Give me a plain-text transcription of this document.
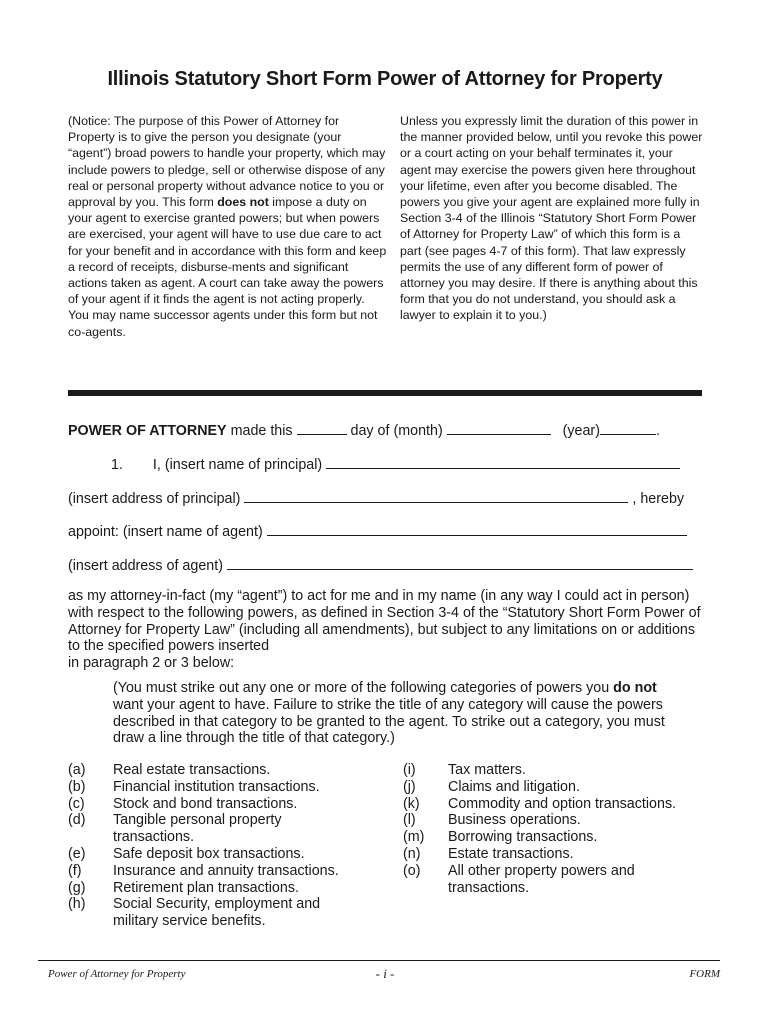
Illinois Statutory Short Form Power of Attorney for Property
(Notice: The purpose of this Power of Attorney for Property is to give the person you designate (your “agent”) broad powers to handle your property, which may include powers to pledge, sell or otherwise dispose of any real or personal property without advance notice to you or approval by you. This form does not impose a duty on your agent to exercise granted powers; but when powers are exercised, your agent will have to use due care to act for your benefit and in accordance with this form and keep a record of receipts, disburse-ments and significant actions taken as agent. A court can take away the powers of your agent if it finds the agent is not acting properly. You may name successor agents under this form but not co-agents.
Unless you expressly limit the duration of this power in the manner provided below, until you revoke this power or a court acting on your behalf terminates it, your agent may exercise the powers given here throughout your lifetime, even after you become disabled. The powers you give your agent are explained more fully in Section 3-4 of the Illinois “Statutory Short Form Power of Attorney for Property Law” of which this form is a part (see pages 4-7 of this form). That law expressly permits the use of any different form of power of attorney you may desire. If there is anything about this form that you do not understand, you should ask a lawyer to explain it to you.)
POWER OF ATTORNEY made this	day of (month)	(year)	.
1. I, (insert name of principal)
(insert address of principal)	, hereby
appoint: (insert name of agent)
(insert address of agent)
as my attorney-in-fact (my “agent”) to act for me and in my name (in any way I could act in person) with respect to the following powers, as defined in Section 3-4 of the “Statutory Short Form Power of Attorney for Property Law” (including all amendments), but subject to any limitations on or additions to the specified powers inserted
in paragraph 2 or 3 below:
(You must strike out any one or more of the following categories of powers you do not want your agent to have. Failure to strike the title of any category will cause the powers described in that category to be granted to the agent. To strike out a category, you must draw a line through the title of that category.)
(a)	Real estate transactions.
(b)	Financial institution transactions.
(c)	Stock and bond transactions.
(d)	Tangible personal property transactions.
(e)	Safe deposit box transactions.
(f)	Insurance and annuity transactions.
(g)	Retirement plan transactions.
(h)	Social Security, employment and military service benefits.
(i)	Tax matters.
(j)	Claims and litigation.
(k)	Commodity and option transactions.
(l)	Business operations.
(m)	Borrowing transactions.
(n)	Estate transactions.
(o)	All other property powers and transactions.
Power of Attorney for Property	- i -	FORM
